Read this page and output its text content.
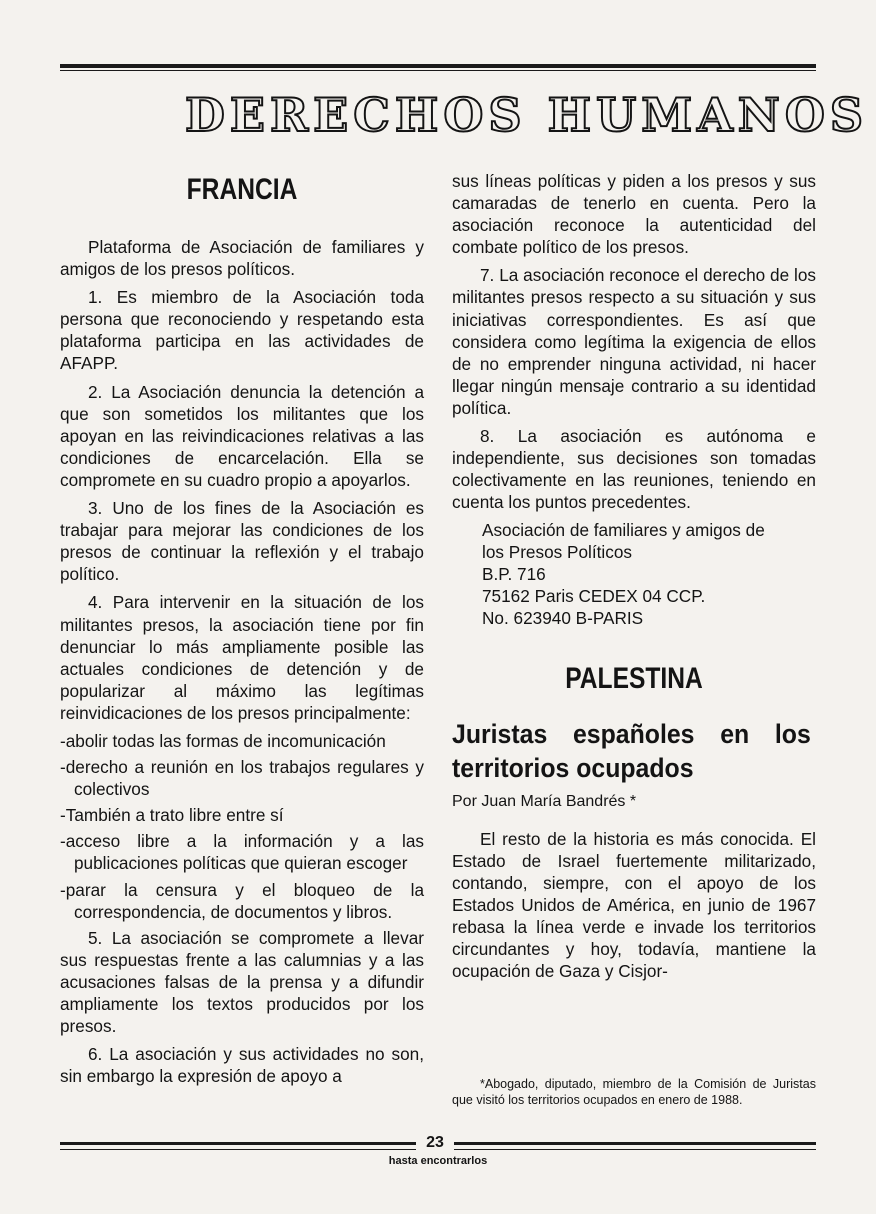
DERECHOS HUMANOS
FRANCIA

Plataforma de Asociación de familiares y amigos de los presos políticos.

1. Es miembro de la Asociación toda persona que reconociendo y respetando esta plataforma participa en las actividades de AFAPP.

2. La Asociación denuncia la detención a que son sometidos los militantes que los apoyan en las reivindicaciones relativas a las condiciones de encarcelación. Ella se compromete en su cuadro propio a apoyarlos.

3. Uno de los fines de la Asociación es trabajar para mejorar las condiciones de los presos de continuar la reflexión y el trabajo político.

4. Para intervenir en la situación de los militantes presos, la asociación tiene por fin denunciar lo más ampliamente posible las actuales condiciones de detención y de popularizar al máximo las legítimas reinvidicaciones de los presos principalmente:

-abolir todas las formas de incomunicación

-derecho a reunión en los trabajos regulares y colectivos

-También a trato libre entre sí

-acceso libre a la información y a las publicaciones políticas que quieran escoger

-parar la censura y el bloqueo de la correspondencia, de documentos y libros.

5. La asociación se compromete a llevar sus respuestas frente a las calumnias y a las acusaciones falsas de la prensa y a difundir ampliamente los textos producidos por los presos.

6. La asociación y sus actividades no son, sin embargo la expresión de apoyo a

sus líneas políticas y piden a los presos y sus camaradas de tenerlo en cuenta. Pero la asociación reconoce la autenticidad del combate político de los presos.

7. La asociación reconoce el derecho de los militantes presos respecto a su situación y sus iniciativas correspondientes. Es así que considera como legítima la exigencia de ellos de no emprender ninguna actividad, ni hacer llegar ningún mensaje contrario a su identidad política.

8. La asociación es autónoma e independiente, sus decisiones son tomadas colectivamente en las reuniones, teniendo en cuenta los puntos precedentes.

Asociación de familiares y amigos de
los Presos Políticos
B.P. 716
75162 Paris CEDEX 04 CCP.
No. 623940 B-PARIS
PALESTINA
Juristas españoles en los territorios ocupados
Por Juan María Bandrés *

El resto de la historia es más conocida. El Estado de Israel fuertemente militarizado, contando, siempre, con el apoyo de los Estados Unidos de América, en junio de 1967 rebasa la línea verde e invade los territorios circundantes y hoy, todavía, mantiene la ocupación de Gaza y Cisjor-

*Abogado, diputado, miembro de la Comisión de Juristas que visitó los territorios ocupados en enero de 1988.
23
hasta encontrarlos
